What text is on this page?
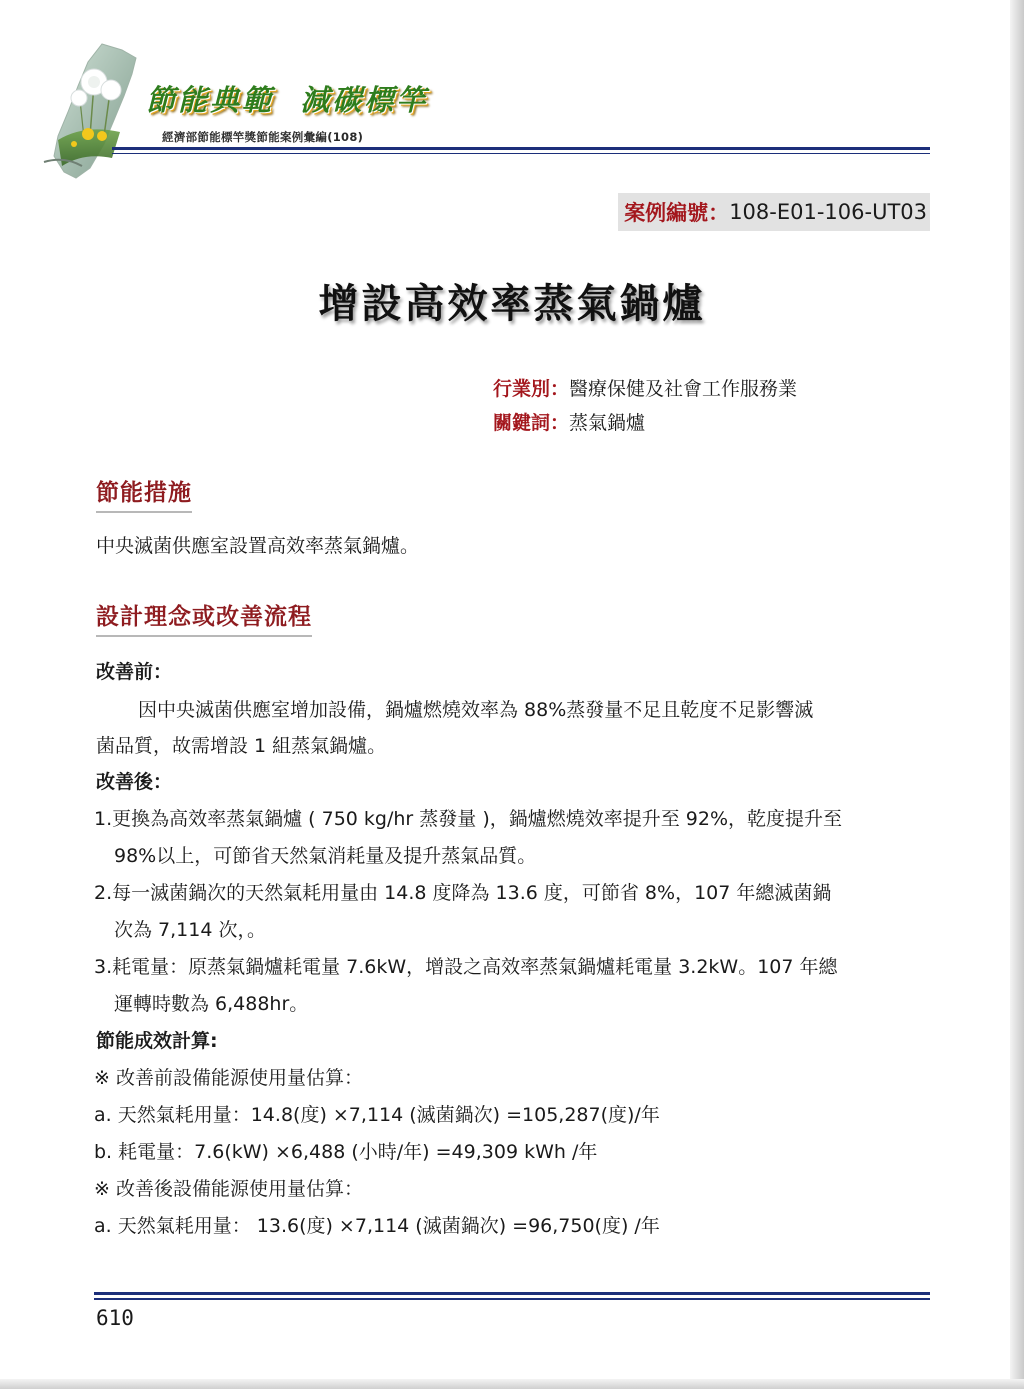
節能典範  減碳標竿
經濟部節能標竿獎節能案例彙編(108)
案例編號： 108-E01-106-UT03
增設高效率蒸氣鍋爐
行業別：醫療保健及社會工作服務業
關鍵詞：蒸氣鍋爐
節能措施
中央滅菌供應室設置高效率蒸氣鍋爐。
設計理念或改善流程
改善前：
因中央滅菌供應室增加設備，鍋爐燃燒效率為 88%蒸發量不足且乾度不足影響滅
菌品質，故需增設 1 組蒸氣鍋爐。
改善後：
1.更換為高效率蒸氣鍋爐 ( 750 kg/hr 蒸發量 )，鍋爐燃燒效率提升至 92%，乾度提升至
98%以上，可節省天然氣消耗量及提升蒸氣品質。
2.每一滅菌鍋次的天然氣耗用量由 14.8 度降為 13.6 度，可節省 8%，107 年總滅菌鍋
次為 7,114 次，。
3.耗電量：原蒸氣鍋爐耗電量 7.6kW，增設之高效率蒸氣鍋爐耗電量 3.2kW。107 年總
運轉時數為 6,488hr。
節能成效計算:
※ 改善前設備能源使用量估算：
a. 天然氣耗用量：14.8(度) ×7,114 (滅菌鍋次) =105,287(度)/年
b. 耗電量：7.6(kW) ×6,488 (小時/年) =49,309 kWh /年
※ 改善後設備能源使用量估算：
a. 天然氣耗用量： 13.6(度) ×7,114 (滅菌鍋次) =96,750(度) /年
610
